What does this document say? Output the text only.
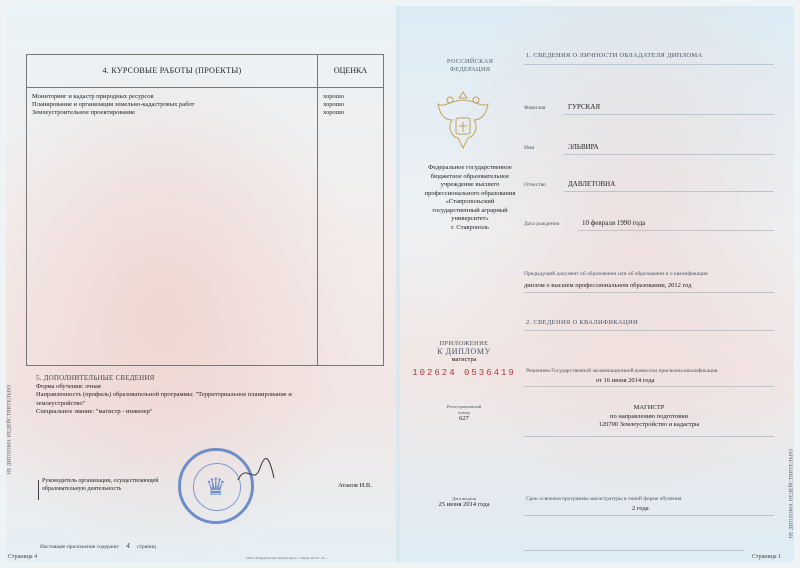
4. КУРСОВЫЕ РАБОТЫ (ПРОЕКТЫ)	ОЦЕНКА
Мониторинг и кадастр природных ресурсов	хорошо
Планирование и организация земельно-кадастровых работ	хорошо
Землеустроительное проектирование	хорошо
5. ДОПОЛНИТЕЛЬНЫЕ СВЕДЕНИЯ
Форма обучения: очная
Направленность (профиль) образовательной программы: "Территориальное планирование и
землеустройство"
Специальное звание: "магистр - инженер"
Руководитель организации, осуществляющей образовательную деятельность	♛	Атанов И.В.
Настоящее приложение содержит 4 страниц
Страница 4	ООО «Юридическая Литература» г. Пермь 2014 г. № ...
НЕ ДИПЛОМА НЕДЕЙСТВИТЕЛЬНО
РОССИЙСКАЯ
ФЕДЕРАЦИЯ
Федеральное государственное
бюджетное образовательное
учреждение высшего
профессионального образования
«Ставропольский
государственный аграрный
университет»
г. Ставрополь
ПРИЛОЖЕНИЕ
К ДИПЛОМУ
магистра
102624 0536419
Регистрационный
номер
627
Дата выдачи
25 июня 2014 года
1. СВЕДЕНИЯ О ЛИЧНОСТИ ОБЛАДАТЕЛЯ ДИПЛОМА
Фамилия	ГУРСКАЯ
Имя	ЭЛЬВИРА
Отчество	ДАВЛЕТОВНА
Дата рождения	10 февраля 1990 года
Предыдущий документ об образовании или об образовании и о квалификации
диплом о высшем профессиональном образовании, 2012 год
2. СВЕДЕНИЯ О КВАЛИФИКАЦИИ
Решением Государственной экзаменационной комиссии присвоена квалификация
от 16 июня 2014 года
МАГИСТР
по направлению подготовки
120700 Землеустройство и кадастры
Срок освоения программы магистратуры в очной форме обучения
2 года
Страница 1
НЕ ДИПЛОМА НЕДЕЙСТВИТЕЛЬНО
